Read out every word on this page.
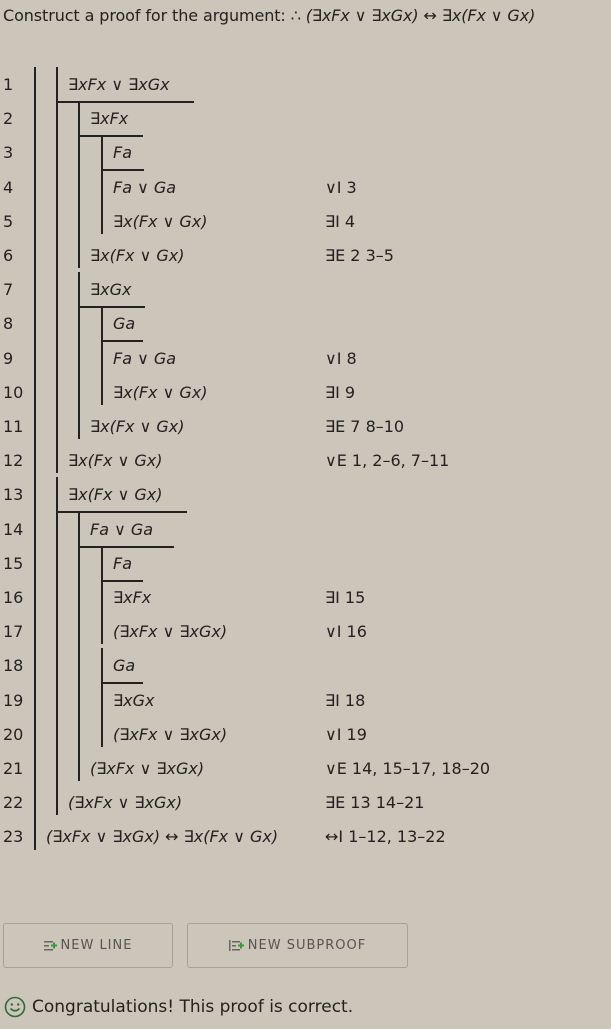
Construct a proof for the argument: ∴ (∃xFx ∨ ∃xGx) ↔ ∃x(Fx ∨ Gx)
1	∃xFx ∨ ∃xGx
2	∃xFx
3	Fa
4	Fa ∨ Ga	∨I 3
5	∃x(Fx ∨ Gx)	∃I 4
6	∃x(Fx ∨ Gx)	∃E 2 3–5
7	∃xGx
8	Ga
9	Fa ∨ Ga	∨I 8
10	∃x(Fx ∨ Gx)	∃I 9
11	∃x(Fx ∨ Gx)	∃E 7 8–10
12	∃x(Fx ∨ Gx)	∨E 1, 2–6, 7–11
13	∃x(Fx ∨ Gx)
14	Fa ∨ Ga
15	Fa
16	∃xFx	∃I 15
17	(∃xFx ∨ ∃xGx)	∨I 16
18	Ga
19	∃xGx	∃I 18
20	(∃xFx ∨ ∃xGx)	∨I 19
21	(∃xFx ∨ ∃xGx)	∨E 14, 15–17, 18–20
22	(∃xFx ∨ ∃xGx)	∃E 13 14–21
23 (∃xFx ∨ ∃xGx) ↔ ∃x(Fx ∨ Gx)	↔I 1–12, 13–22
NEW LINE	NEW SUBPROOF
Congratulations! This proof is correct.
